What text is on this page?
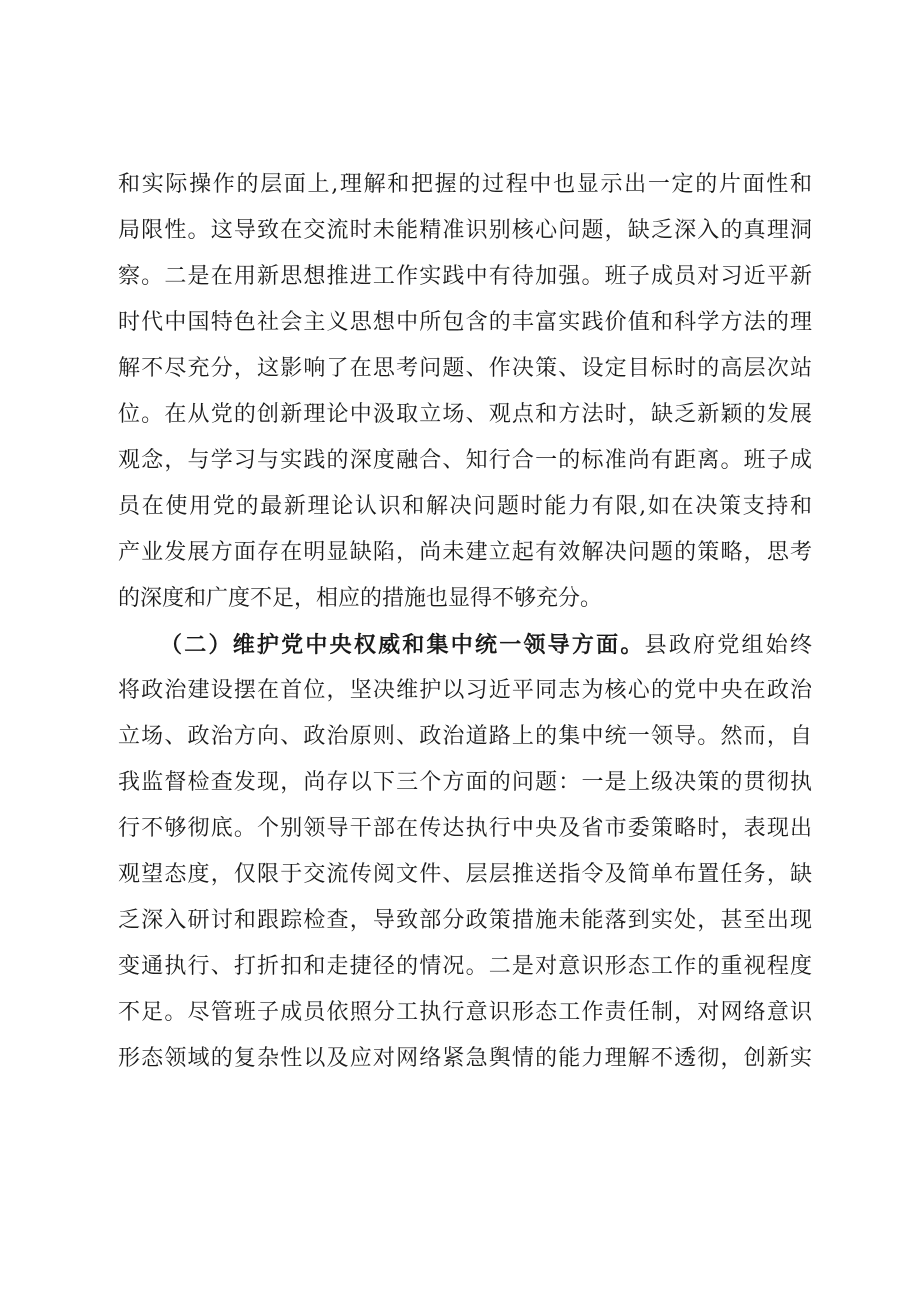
和实际操作的层面上,理解和把握的过程中也显示出一定的片面性和
局限性。这导致在交流时未能精准识别核心问题，缺乏深入的真理洞
察。二是在用新思想推进工作实践中有待加强。班子成员对习近平新
时代中国特色社会主义思想中所包含的丰富实践价值和科学方法的理
解不尽充分，这影响了在思考问题、作决策、设定目标时的高层次站
位。在从党的创新理论中汲取立场、观点和方法时，缺乏新颖的发展
观念，与学习与实践的深度融合、知行合一的标准尚有距离。班子成
员在使用党的最新理论认识和解决问题时能力有限,如在决策支持和
产业发展方面存在明显缺陷，尚未建立起有效解决问题的策略，思考
的深度和广度不足，相应的措施也显得不够充分。
（二）维护党中央权威和集中统一领导方面。县政府党组始终
将政治建设摆在首位，坚决维护以习近平同志为核心的党中央在政治
立场、政治方向、政治原则、政治道路上的集中统一领导。然而，自
我监督检查发现，尚存以下三个方面的问题：一是上级决策的贯彻执
行不够彻底。个别领导干部在传达执行中央及省市委策略时，表现出
观望态度，仅限于交流传阅文件、层层推送指令及简单布置任务，缺
乏深入研讨和跟踪检查，导致部分政策措施未能落到实处，甚至出现
变通执行、打折扣和走捷径的情况。二是对意识形态工作的重视程度
不足。尽管班子成员依照分工执行意识形态工作责任制，对网络意识
形态领域的复杂性以及应对网络紧急舆情的能力理解不透彻，创新实
